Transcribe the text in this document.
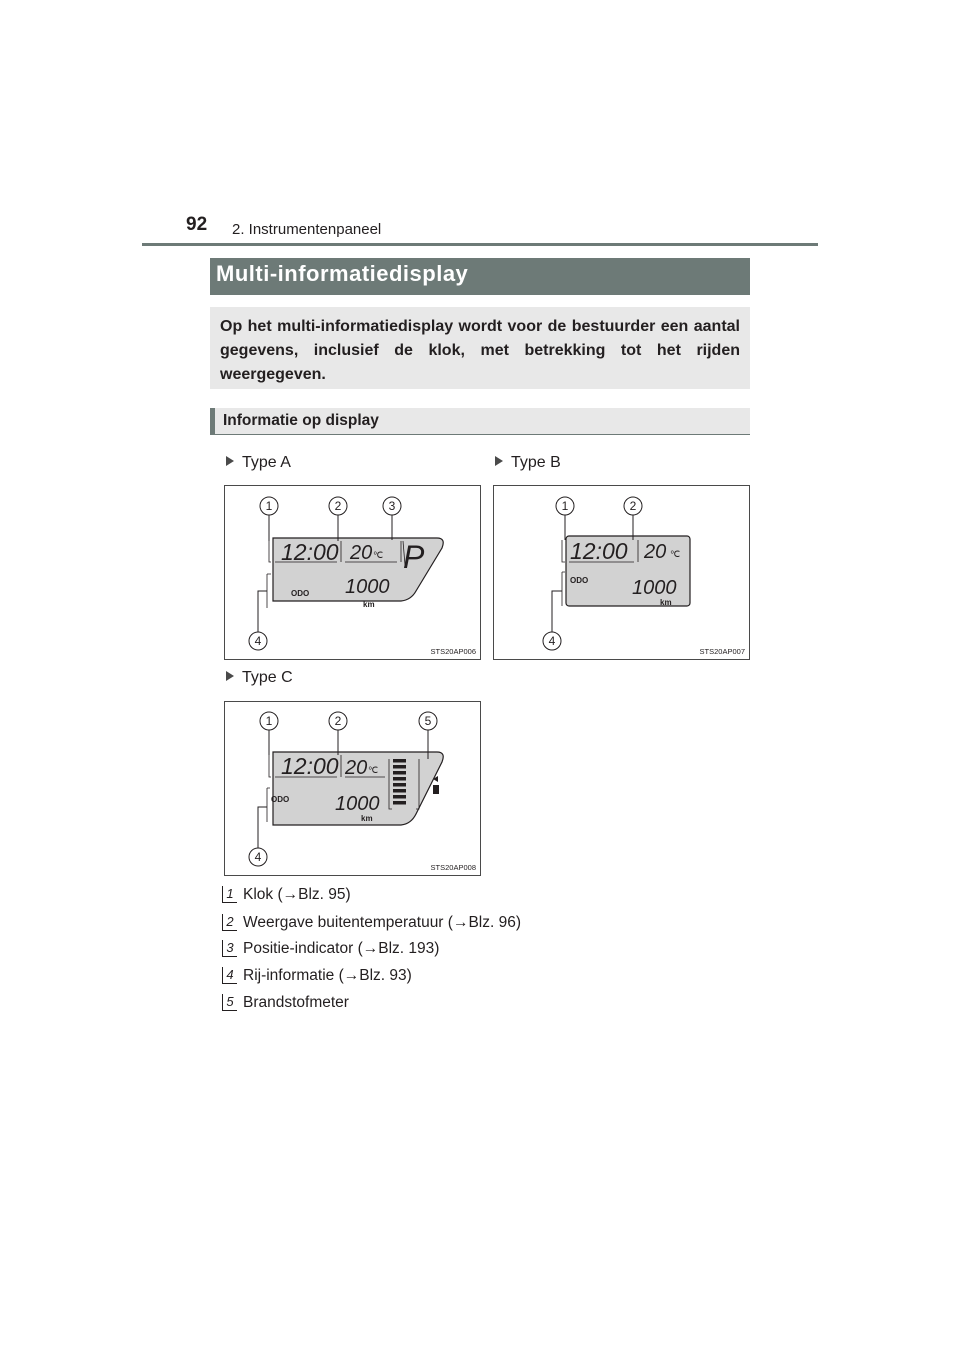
92 2. Instrumentenpaneel
Multi-informatiedisplay
Op het multi-informatiedisplay wordt voor de bestuurder een aantal gegevens, inclusief de klok, met betrekking tot het rijden weergegeven.
Informatie op display
Type A
12:00 20 ℃ P
ODO 1000
km
1	2	3
4
STS20AP006
Type B
12:00 20 ℃
ODO 1000
km
1	2
4
STS20AP007
Type C
12:00 20 ℃
ODO 1000
km
1	2	5
4
STS20AP008
1 Klok (→Blz. 95)
2 Weergave buitentemperatuur (→Blz. 96)
3 Positie-indicator (→Blz. 193)
4 Rij-informatie (→Blz. 93)
5 Brandstofmeter
